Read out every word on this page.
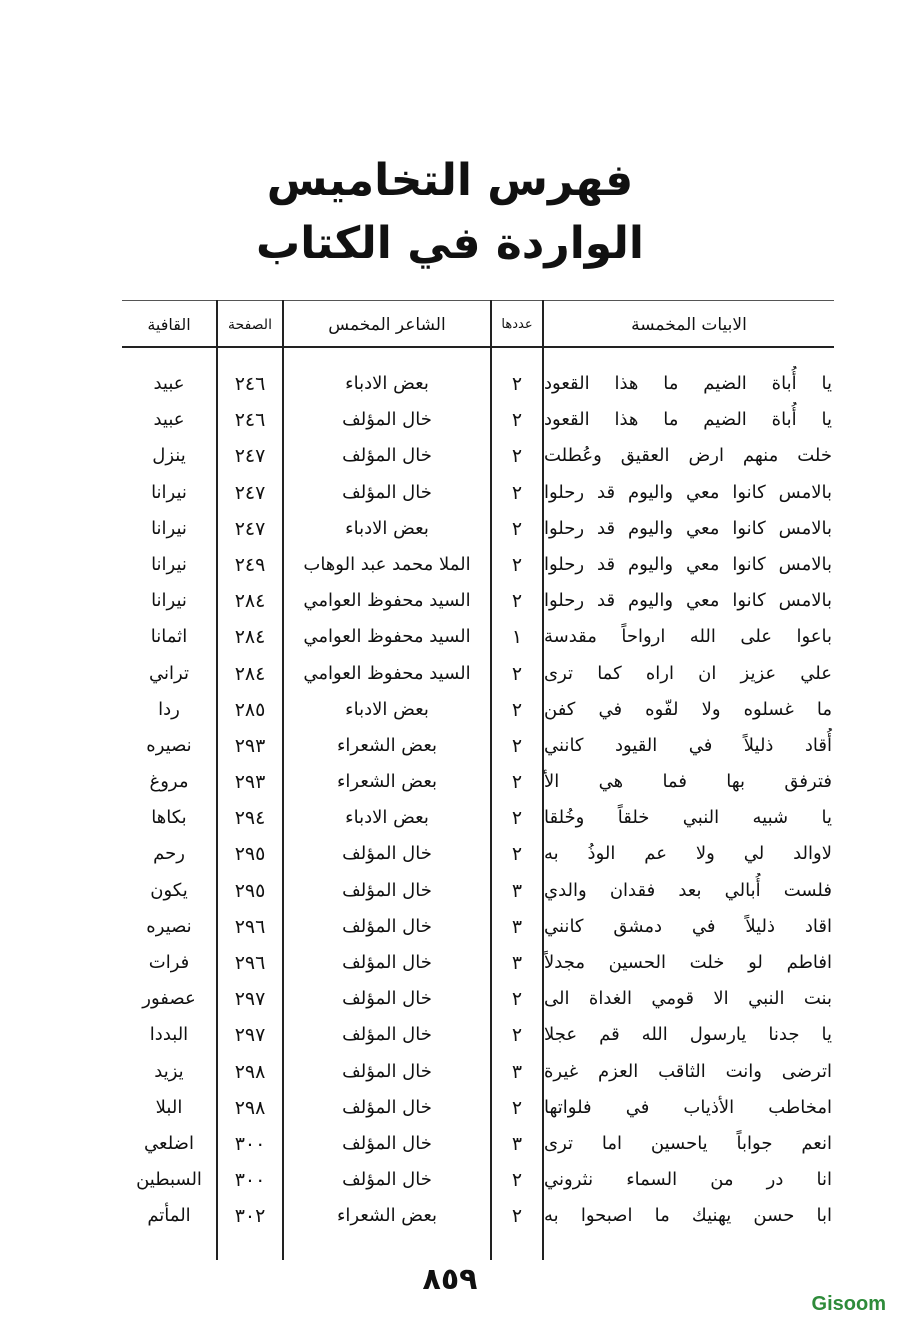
فهرس التخاميس
الواردة في الكتاب
الابيات المخمسة
عددها
الشاعر المخمس
الصفحة
القافية
يا أُباة الضيم ما هذا القعود
٢
بعض الادباء
٢٤٦
عبيد
يا أُباة الضيم ما هذا القعود
٢
خال المؤلف
٢٤٦
عبيد
خلت منهم ارض العقيق وعُطلت
٢
خال المؤلف
٢٤٧
ينزل
بالامس كانوا معي واليوم قد رحلوا
٢
خال المؤلف
٢٤٧
نيرانا
بالامس كانوا معي واليوم قد رحلوا
٢
بعض الادباء
٢٤٧
نيرانا
بالامس كانوا معي واليوم قد رحلوا
٢
الملا محمد عبد الوهاب
٢٤٩
نيرانا
بالامس كانوا معي واليوم قد رحلوا
٢
السيد محفوظ العوامي
٢٨٤
نيرانا
باعوا على الله ارواحاً مقدسة
١
السيد محفوظ العوامي
٢٨٤
اثمانا
علي عزيز ان اراه كما ترى
٢
السيد محفوظ العوامي
٢٨٤
تراني
ما غسلوه ولا لفّوه في كفن
٢
بعض الادباء
٢٨٥
ردا
أُقاد ذليلاً في القيود كانني
٢
بعض الشعراء
٢٩٣
نصيره
فترفق بها فما هي الأ
٢
بعض الشعراء
٢٩٣
مروغ
يا شبيه النبي خلقاً وخُلقا
٢
بعض الادباء
٢٩٤
بكاها
لاوالد لي ولا عم الوذُ به
٢
خال المؤلف
٢٩٥
رحم
فلست أُبالي بعد فقدان والدي
٣
خال المؤلف
٢٩٥
يكون
اقاد ذليلاً في دمشق كانني
٣
خال المؤلف
٢٩٦
نصيره
افاطم لو خلت الحسين مجدلاً
٣
خال المؤلف
٢٩٦
فرات
بنت النبي الا قومي الغداة الى
٢
خال المؤلف
٢٩٧
عصفور
يا جدنا يارسول الله قم عجلا
٢
خال المؤلف
٢٩٧
البددا
اترضى وانت الثاقب العزم غيرة
٣
خال المؤلف
٢٩٨
يزيد
امخاطب الأذياب في فلواتها
٢
خال المؤلف
٢٩٨
البلا
انعم جواباً ياحسين اما ترى
٣
خال المؤلف
٣٠٠
اضلعي
انا در من السماء نثروني
٢
خال المؤلف
٣٠٠
السبطين
ابا حسن يهنيك ما اصبحوا به
٢
بعض الشعراء
٣٠٢
المأتم
٨٥٩
Gisoom
